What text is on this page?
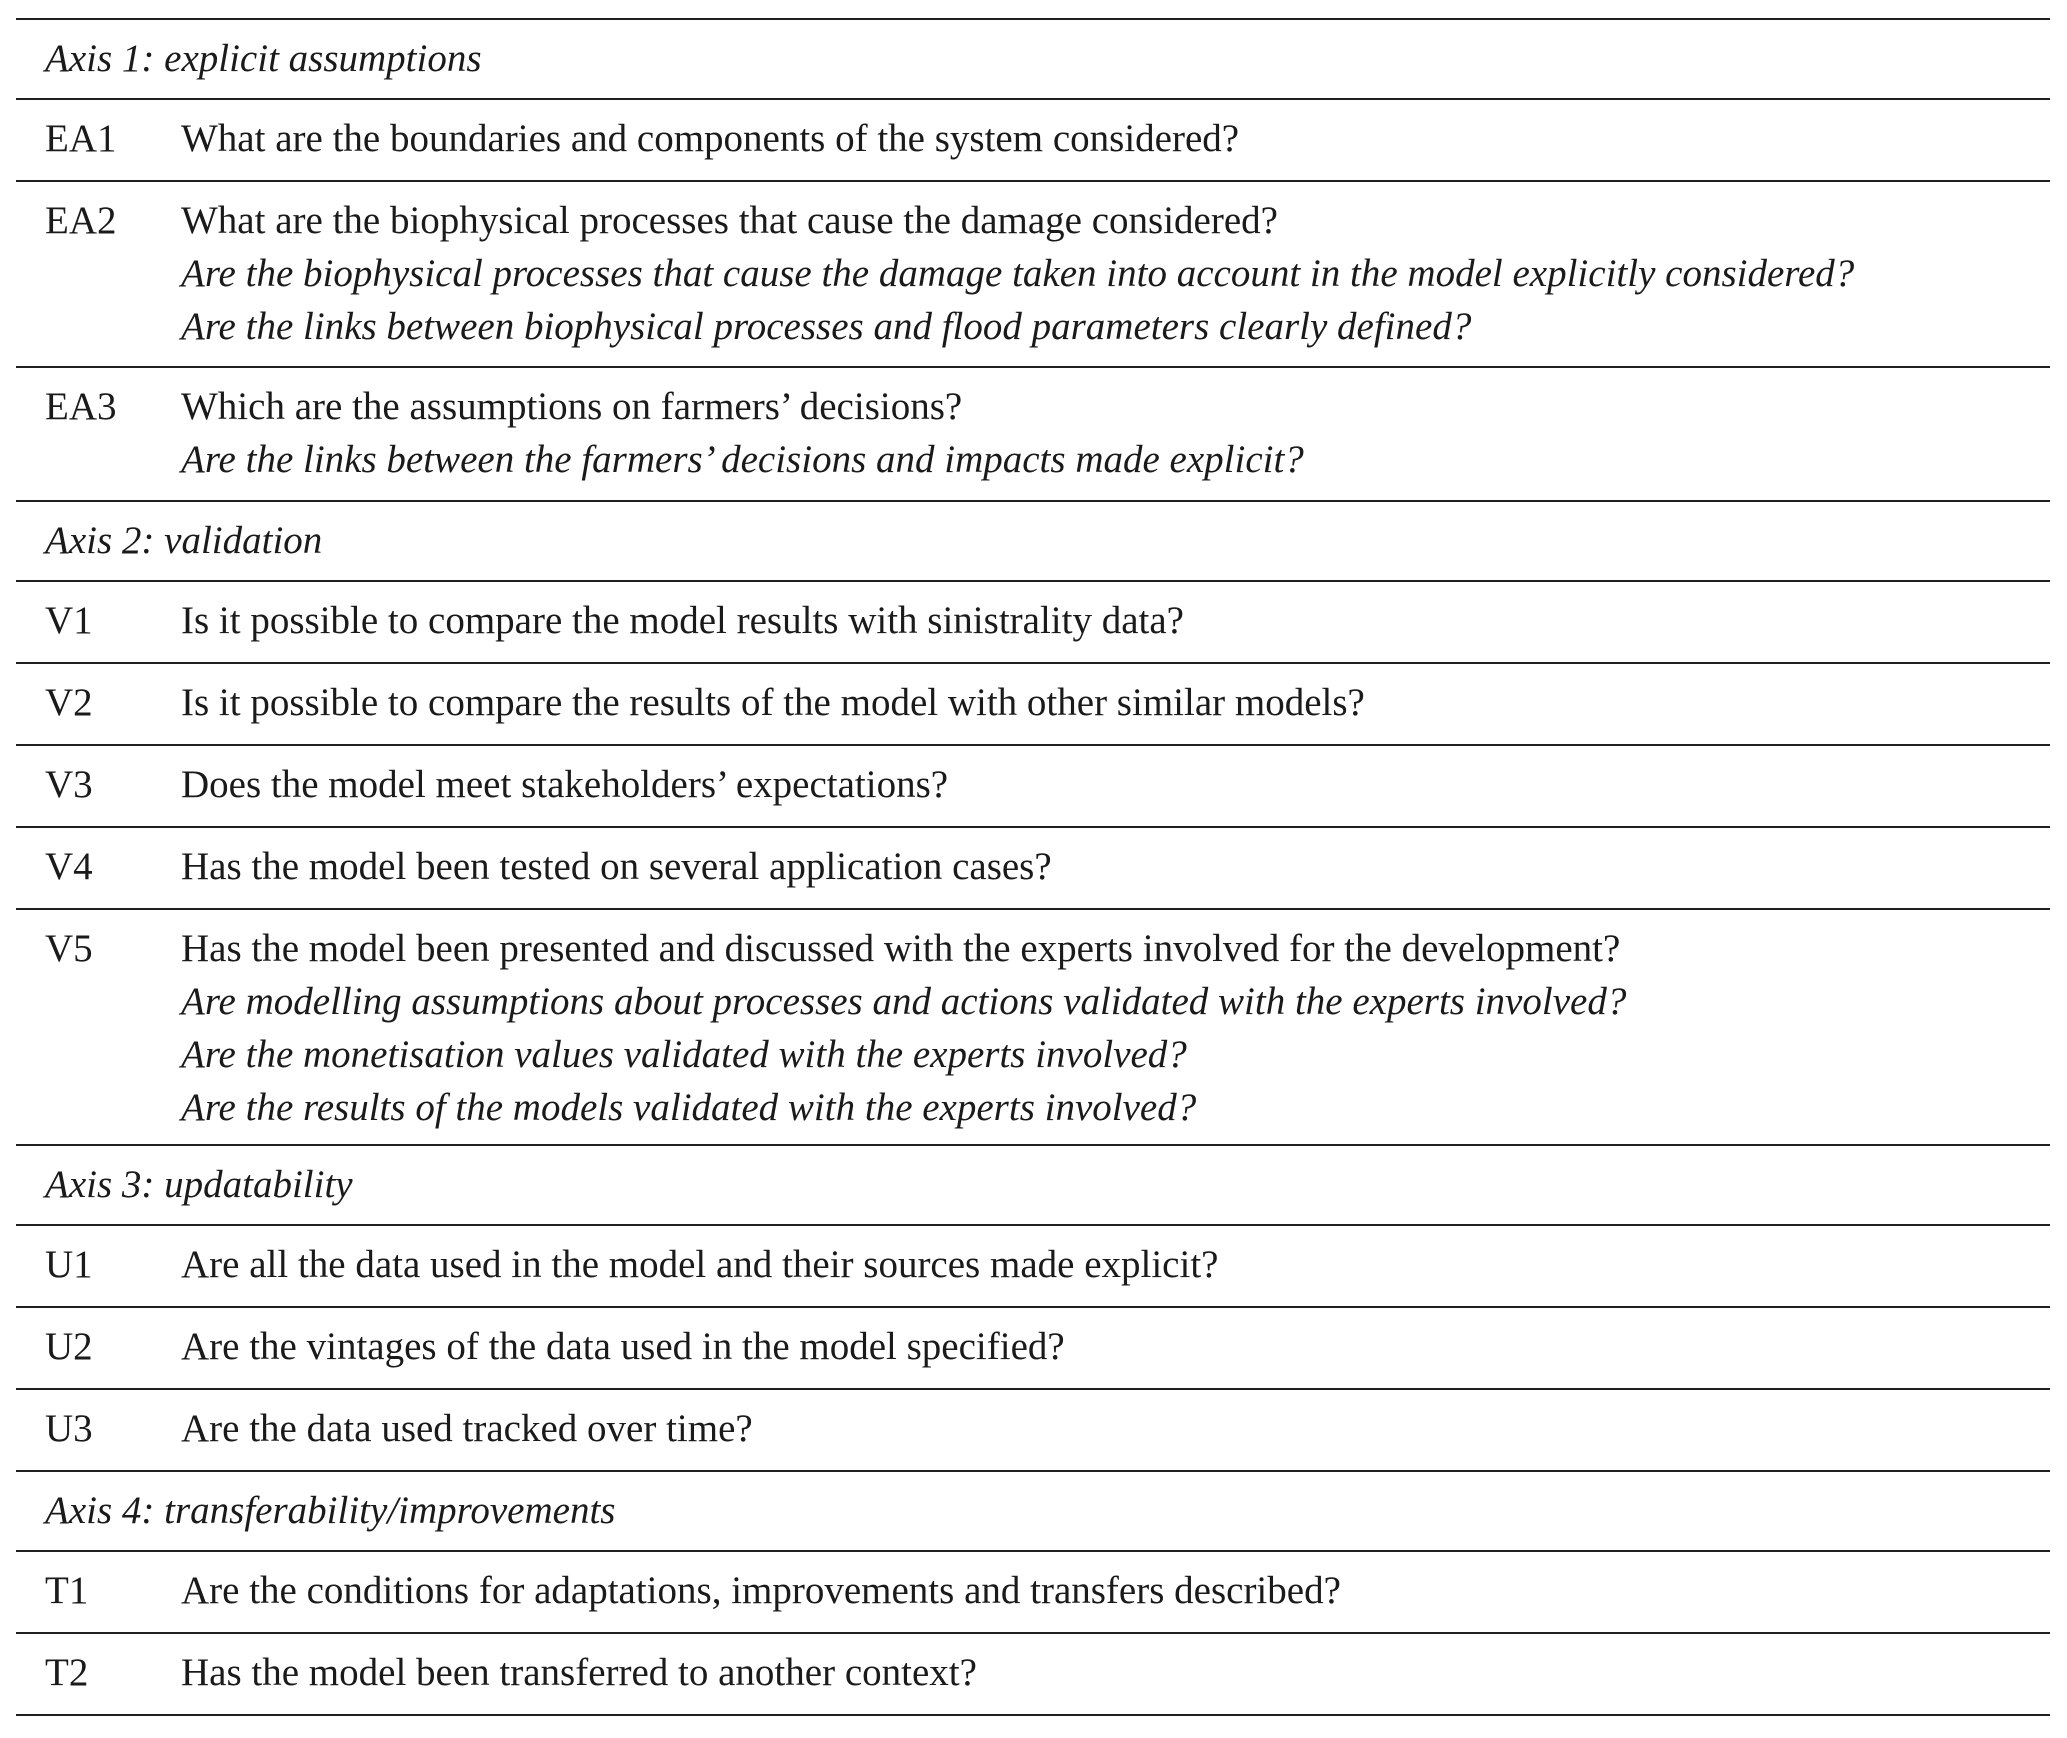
Axis 1: explicit assumptions
EA1	What are the boundaries and components of the system considered?
EA2	What are the biophysical processes that cause the damage considered?
Are the biophysical processes that cause the damage taken into account in the model explicitly considered?
Are the links between biophysical processes and flood parameters clearly defined?
EA3	Which are the assumptions on farmers’ decisions?
Are the links between the farmers’ decisions and impacts made explicit?
Axis 2: validation
V1	Is it possible to compare the model results with sinistrality data?
V2	Is it possible to compare the results of the model with other similar models?
V3	Does the model meet stakeholders’ expectations?
V4	Has the model been tested on several application cases?
V5	Has the model been presented and discussed with the experts involved for the development?
Are modelling assumptions about processes and actions validated with the experts involved?
Are the monetisation values validated with the experts involved?
Are the results of the models validated with the experts involved?
Axis 3: updatability
U1	Are all the data used in the model and their sources made explicit?
U2	Are the vintages of the data used in the model specified?
U3	Are the data used tracked over time?
Axis 4: transferability/improvements
T1	Are the conditions for adaptations, improvements and transfers described?
T2	Has the model been transferred to another context?
